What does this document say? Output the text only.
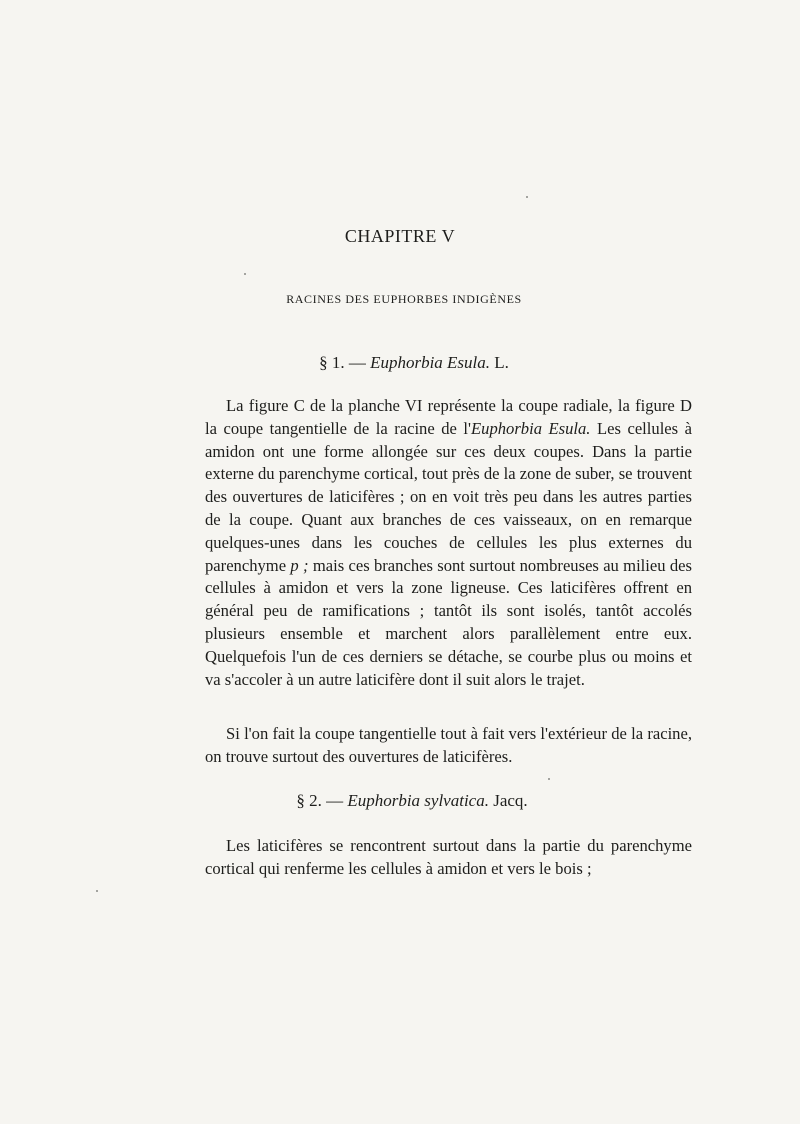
CHAPITRE V
RACINES DES EUPHORBES INDIGÈNES
§ 1. — Euphorbia Esula. L.

La figure C de la planche VI représente la coupe radiale, la figure D la coupe tangentielle de la racine de l'Euphorbia Esula. Les cellules à amidon ont une forme allongée sur ces deux coupes. Dans la partie externe du parenchyme cortical, tout près de la zone de suber, se trouvent des ouvertures de laticifères ; on en voit très peu dans les autres parties de la coupe. Quant aux branches de ces vaisseaux, on en remarque quelques-unes dans les couches de cellules les plus externes du parenchyme p ; mais ces branches sont surtout nombreuses au milieu des cellules à amidon et vers la zone ligneuse. Ces laticifères offrent en général peu de ramifications ; tantôt ils sont isolés, tantôt accolés plusieurs ensemble et marchent alors parallèlement entre eux. Quelquefois l'un de ces derniers se détache, se courbe plus ou moins et va s'accoler à un autre laticifère dont il suit alors le trajet.

Si l'on fait la coupe tangentielle tout à fait vers l'extérieur de la racine, on trouve surtout des ouvertures de laticifères.

§ 2. — Euphorbia sylvatica. Jacq.

Les laticifères se rencontrent surtout dans la partie du parenchyme cortical qui renferme les cellules à amidon et vers le bois ;
